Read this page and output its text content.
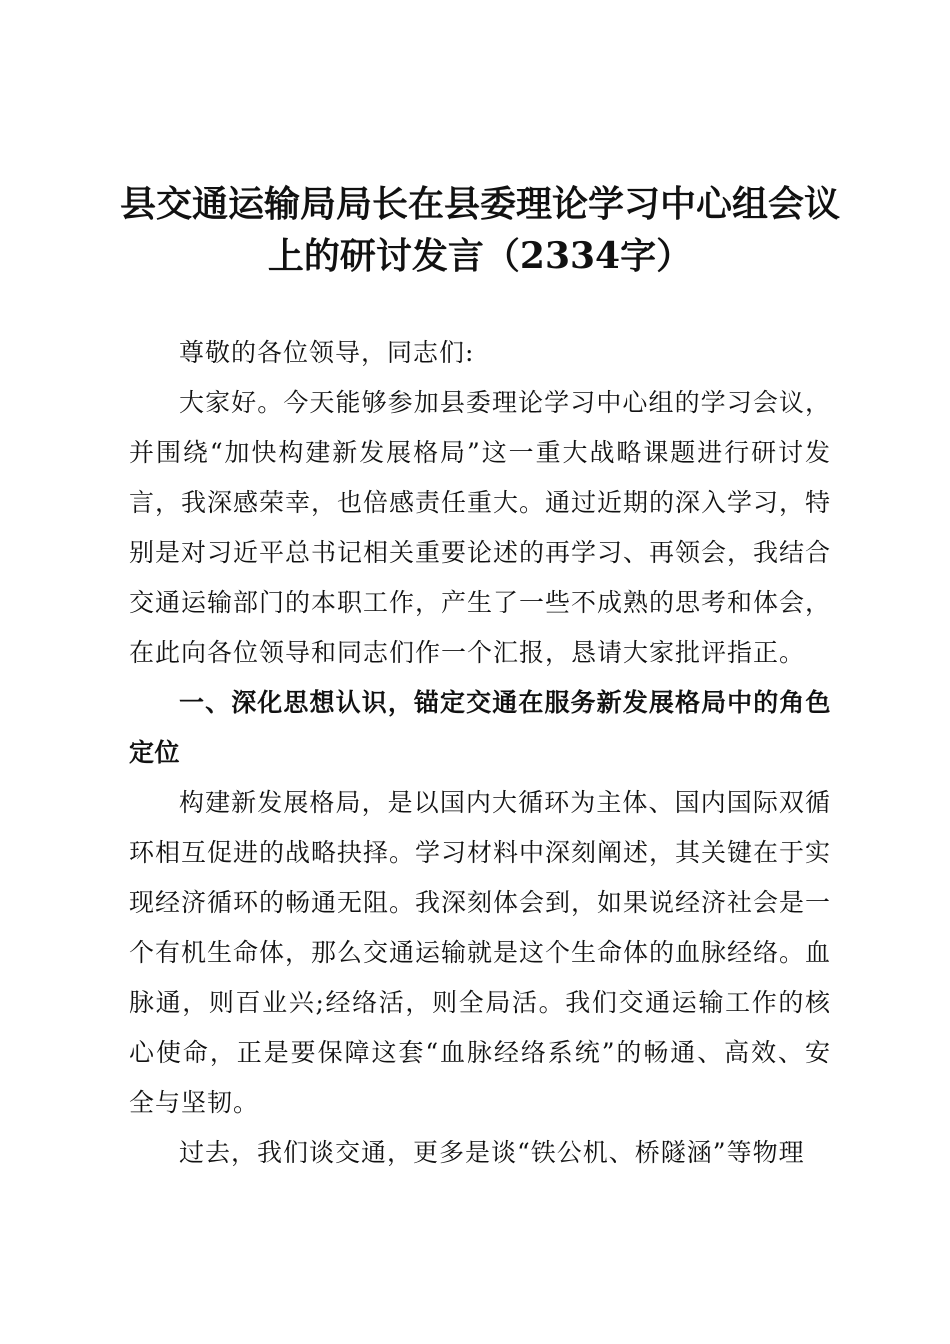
县交通运输局局长在县委理论学习中心组会议
上的研讨发言（2334字）

尊敬的各位领导，同志们:

大家好。今天能够参加县委理论学习中心组的学习会议，并围绕“加快构建新发展格局”这一重大战略课题进行研讨发言，我深感荣幸，也倍感责任重大。通过近期的深入学习，特别是对习近平总书记相关重要论述的再学习、再领会，我结合交通运输部门的本职工作，产生了一些不成熟的思考和体会，在此向各位领导和同志们作一个汇报，恳请大家批评指正。

一、深化思想认识，锚定交通在服务新发展格局中的角色定位

构建新发展格局，是以国内大循环为主体、国内国际双循环相互促进的战略抉择。学习材料中深刻阐述，其关键在于实现经济循环的畅通无阻。我深刻体会到，如果说经济社会是一个有机生命体，那么交通运输就是这个生命体的血脉经络。血脉通，则百业兴;经络活，则全局活。我们交通运输工作的核心使命，正是要保障这套“血脉经络系统”的畅通、高效、安全与坚韧。

过去，我们谈交通，更多是谈“铁公机、桥隧涵”等物理
